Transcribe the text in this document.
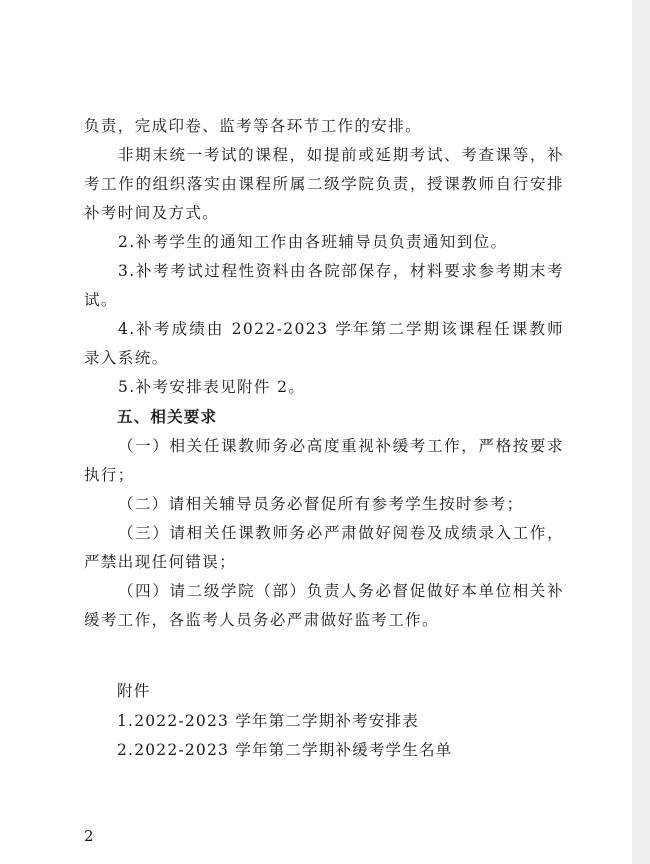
负责，完成印卷、监考等各环节工作的安排。

非期末统一考试的课程，如提前或延期考试、考查课等，补考工作的组织落实由课程所属二级学院负责，授课教师自行安排补考时间及方式。

2.补考学生的通知工作由各班辅导员负责通知到位。

3.补考考试过程性资料由各院部保存，材料要求参考期末考试。

4.补考成绩由 2022-2023 学年第二学期该课程任课教师录入系统。

5.补考安排表见附件 2。

五、相关要求

（一）相关任课教师务必高度重视补缓考工作，严格按要求执行；

（二）请相关辅导员务必督促所有参考学生按时参考；

（三）请相关任课教师务必严肃做好阅卷及成绩录入工作，严禁出现任何错误；

（四）请二级学院（部）负责人务必督促做好本单位相关补缓考工作，各监考人员务必严肃做好监考工作。

附件

1.2022-2023 学年第二学期补考安排表

2.2022-2023 学年第二学期补缓考学生名单

2
